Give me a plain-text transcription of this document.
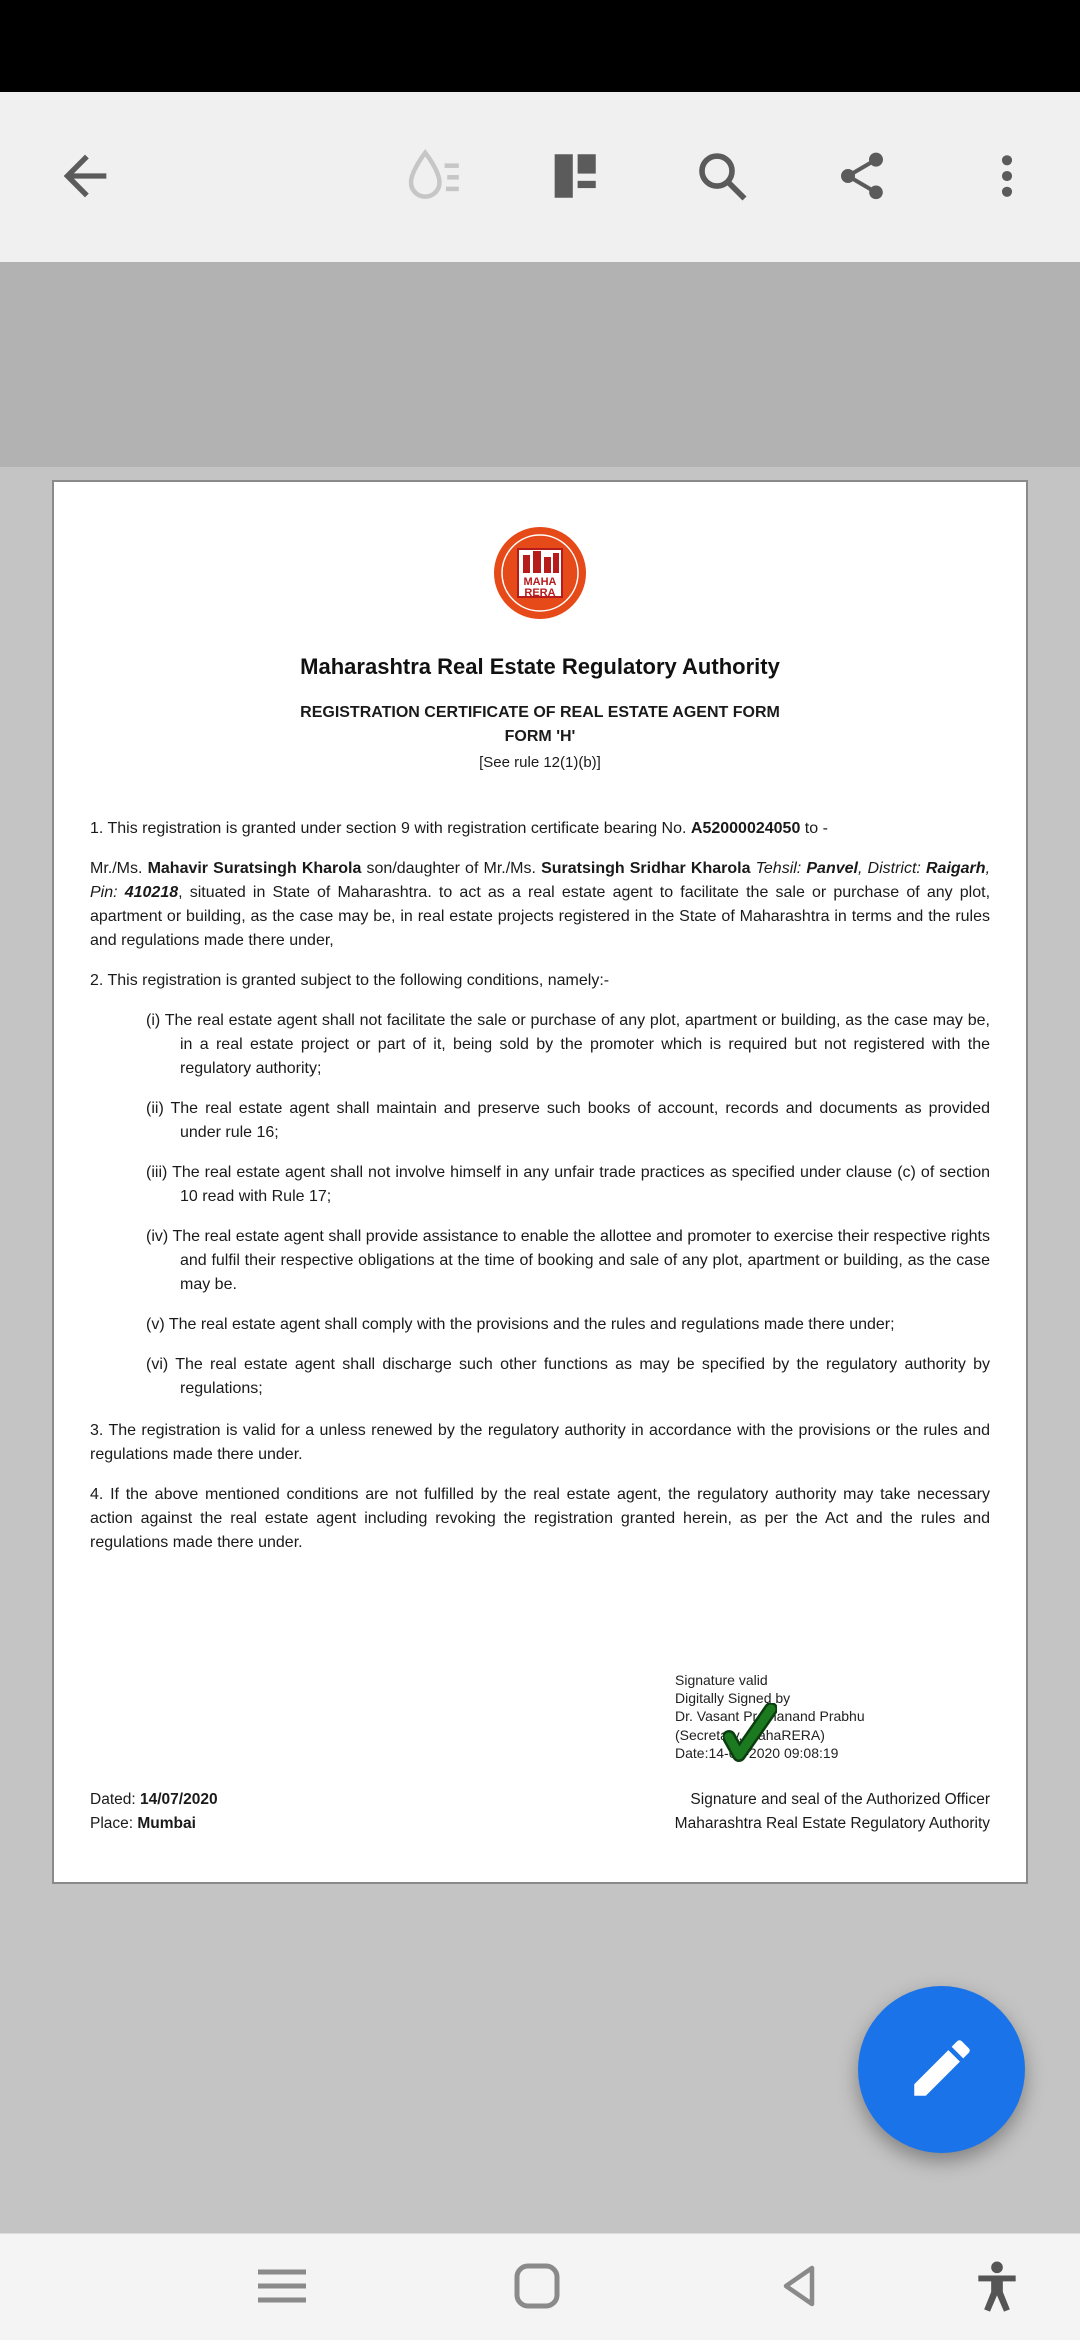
MAHA
RERA
Maharashtra Real Estate Regulatory Authority
REGISTRATION CERTIFICATE OF REAL ESTATE AGENT FORM
FORM 'H'
[See rule 12(1)(b)]

1. This registration is granted under section 9 with registration certificate bearing No. A52000024050 to -

Mr./Ms. Mahavir Suratsingh Kharola son/daughter of Mr./Ms. Suratsingh Sridhar Kharola Tehsil: Panvel, District: Raigarh, Pin: 410218, situated in State of Maharashtra. to act as a real estate agent to facilitate the sale or purchase of any plot, apartment or building, as the case may be, in real estate projects registered in the State of Maharashtra in terms and the rules and regulations made there under,

2. This registration is granted subject to the following conditions, namely:-

(i) The real estate agent shall not facilitate the sale or purchase of any plot, apartment or building, as the case may be, in a real estate project or part of it, being sold by the promoter which is required but not registered with the regulatory authority;

(ii) The real estate agent shall maintain and preserve such books of account, records and documents as provided under rule 16;

(iii) The real estate agent shall not involve himself in any unfair trade practices as specified under clause (c) of section 10 read with Rule 17;

(iv) The real estate agent shall provide assistance to enable the allottee and promoter to exercise their respective rights and fulfil their respective obligations at the time of booking and sale of any plot, apartment or building, as the case may be.

(v) The real estate agent shall comply with the provisions and the rules and regulations made there under;

(vi) The real estate agent shall discharge such other functions as may be specified by the regulatory authority by regulations;

3. The registration is valid for a unless renewed by the regulatory authority in accordance with the provisions or the rules and regulations made there under.

4. If the above mentioned conditions are not fulfilled by the real estate agent, the regulatory authority may take necessary action against the real estate agent including revoking the registration granted herein, as per the Act and the rules and regulations made there under.

Signature valid
Digitally Signed by
Dr. Vasant Premanand Prabhu
(Secretary, MahaRERA)
Date:14-07-2020 09:08:19
Dated: 14/07/2020
Place: Mumbai
Signature and seal of the Authorized Officer
Maharashtra Real Estate Regulatory Authority
